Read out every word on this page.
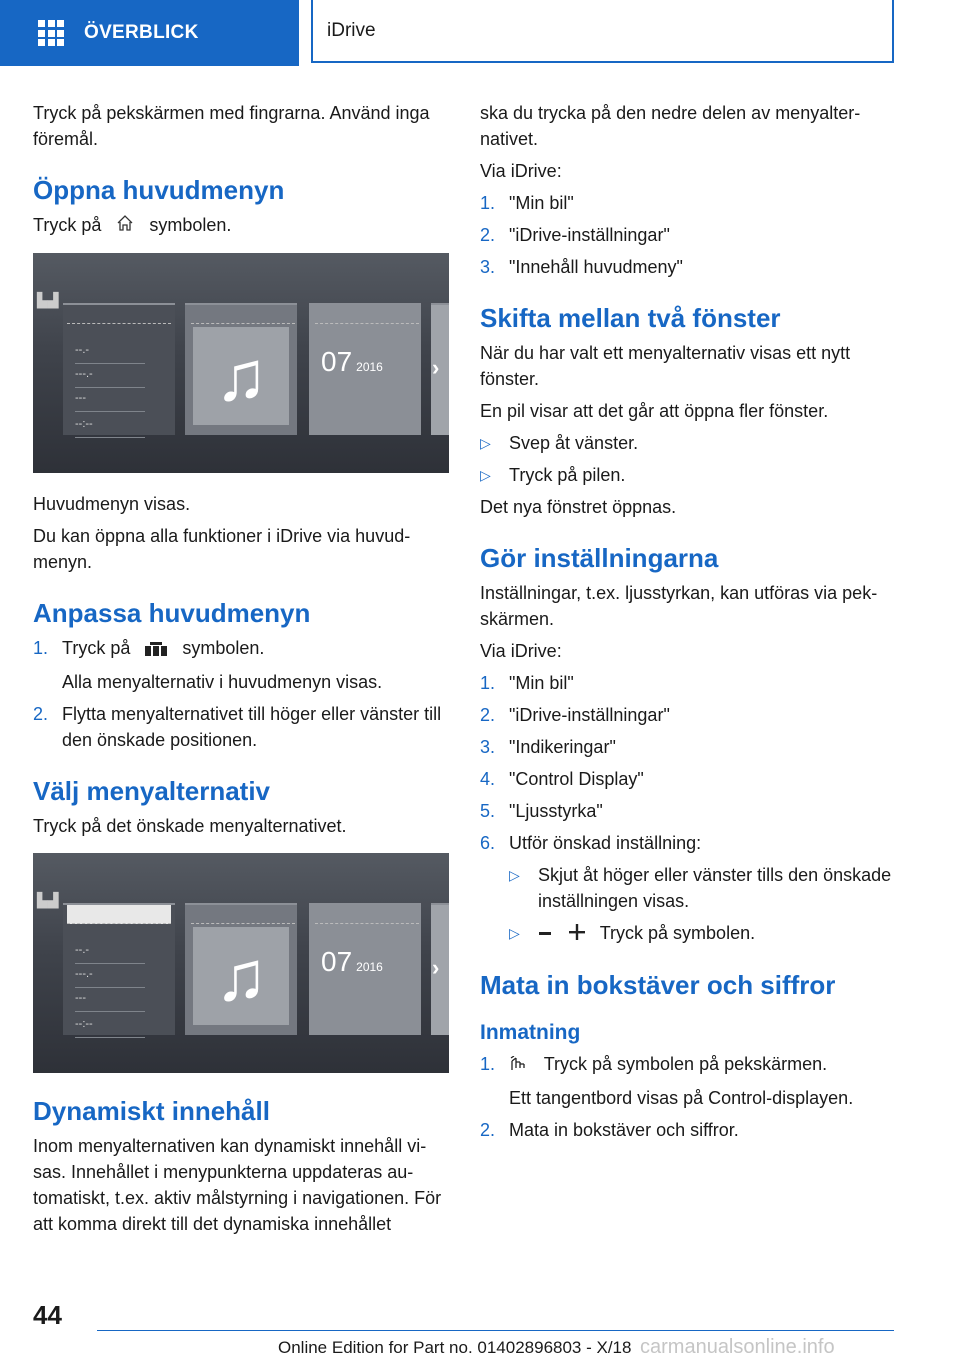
ÖVERBLICK	iDrive

Tryck på pekskärmen med fingrarna. Använd inga föremål.

Öppna huvudmenyn

Tryck på	symbolen.

▙▟
--.-
---.-
---
--:--
♫	07 2016 ›

Huvudmenyn visas.

Du kan öppna alla funktioner i iDrive via huvudmenyn.

Anpassa huvudmenyn
1. Tryck på	symbolen.
Alla menyalternativ i huvudmenyn visas.
2. Flytta menyalternativet till höger eller vänster till den önskade positionen.
Välj menyalternativ

Tryck på det önskade menyalternativet.

▙▟
--.-
---.-
---
--:--
♫	07 2016 ›
Dynamiskt innehåll

Inom menyalternativen kan dynamiskt innehåll visas. Innehållet i menypunkterna uppdateras automatiskt, t.ex. aktiv målstyrning i navigationen. För att komma direkt till det dynamiska innehållet

ska du trycka på den nedre delen av menyalternativet.

Via iDrive:

1. "Min bil"
2. "iDrive-inställningar"
3. "Innehåll huvudmeny"
Skifta mellan två fönster

När du har valt ett menyalternativ visas ett nytt fönster.

En pil visar att det går att öppna fler fönster.

▷	Svep åt vänster.
▷	Tryck på pilen.

Det nya fönstret öppnas.

Gör inställningarna

Inställningar, t.ex. ljusstyrkan, kan utföras via pekskärmen.

Via iDrive:

1. "Min bil"
2. "iDrive-inställningar"
3. "Indikeringar"
4. "Control Display"
5. "Ljusstyrka"
6. Utför önskad inställning:
▷	Skjut åt höger eller vänster tills den önskade inställningen visas.
▷	Tryck på symbolen.
Mata in bokstäver och siffror
Inmatning
1.	Tryck på symbolen på pekskärmen.
Ett tangentbord visas på Control-displayen.
2. Mata in bokstäver och siffror.
44
Online Edition for Part no. 01402896803 - X/18 carmanualsonline.info
